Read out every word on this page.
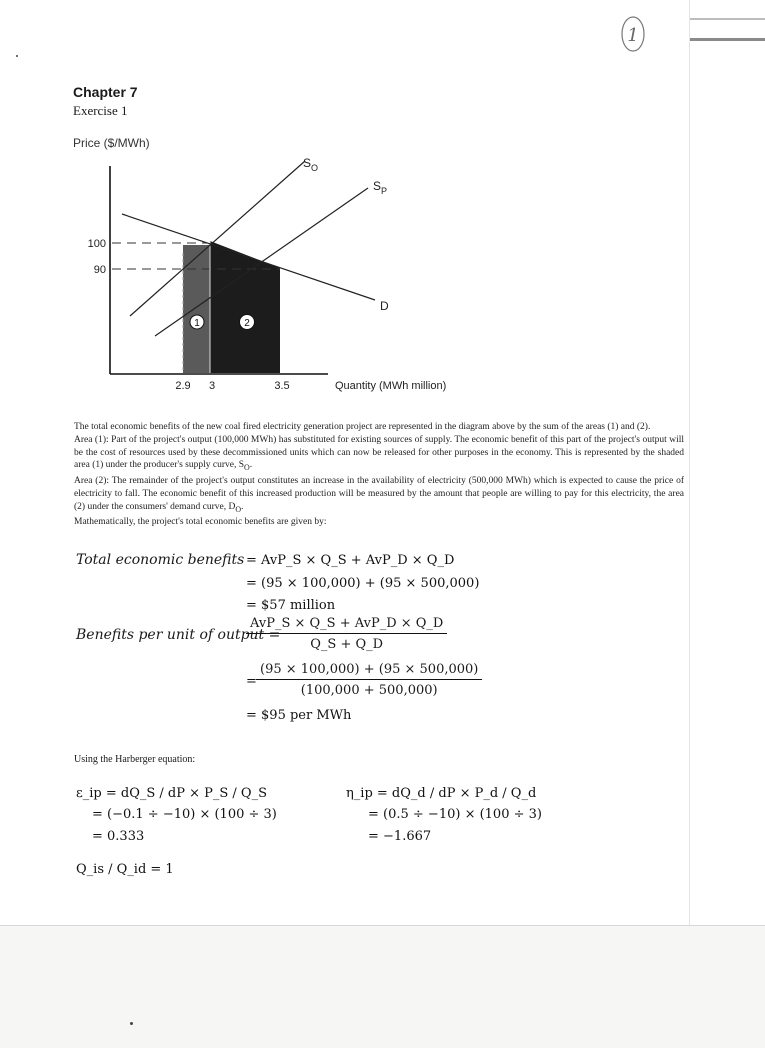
1
Chapter 7
Exercise 1
Price ($/MWh)
100
90
2.9 3	3.5	Quantity (MWh million)
$S_O$
$S_P$
D
1	2

The total economic benefits of the new coal fired electricity generation project are represented in the diagram above by the sum of the areas (1) and (2).

Area (1): Part of the project's output (100,000 MWh) has substituted for existing sources of supply. The economic benefit of this part of the project's output will be the cost of resources used by these decommissioned units which can now be released for other purposes in the economy. This is represented by the shaded area (1) under the producer's supply curve, $S_O$.

Area (2): The remainder of the project's output constitutes an increase in the availability of electricity (500,000 MWh) which is expected to cause the price of electricity to fall. The economic benefit of this increased production will be measured by the amount that people are willing to pay for this electricity, the area (2) under the consumers' demand curve, $D_O$.

Mathematically, the project's total economic benefits are given by:

Total economic benefits = AvP_S × Q_S + AvP_D × Q_D
= (95 × 100,000) + (95 × 500,000)
= $57 million
Benefits per unit of output =
AvP_S × Q_S + AvP_D × Q_D
Q_S + Q_D
= $\frac{(95 \times 100,000) + (95 \times 500,000)}{(100,000 + 500,000)}$
= $95 per MWh
Using the Harberger equation:
ε_ip = dQ_S / dP × P_S / Q_S
= (−0.1 ÷ −10) × (100 ÷ 3)
= 0.333
η_ip = dQ_d / dP × P_d / Q_d
= (0.5 ÷ −10) × (100 ÷ 3)
= −1.667
Q_is / Q_id = 1
